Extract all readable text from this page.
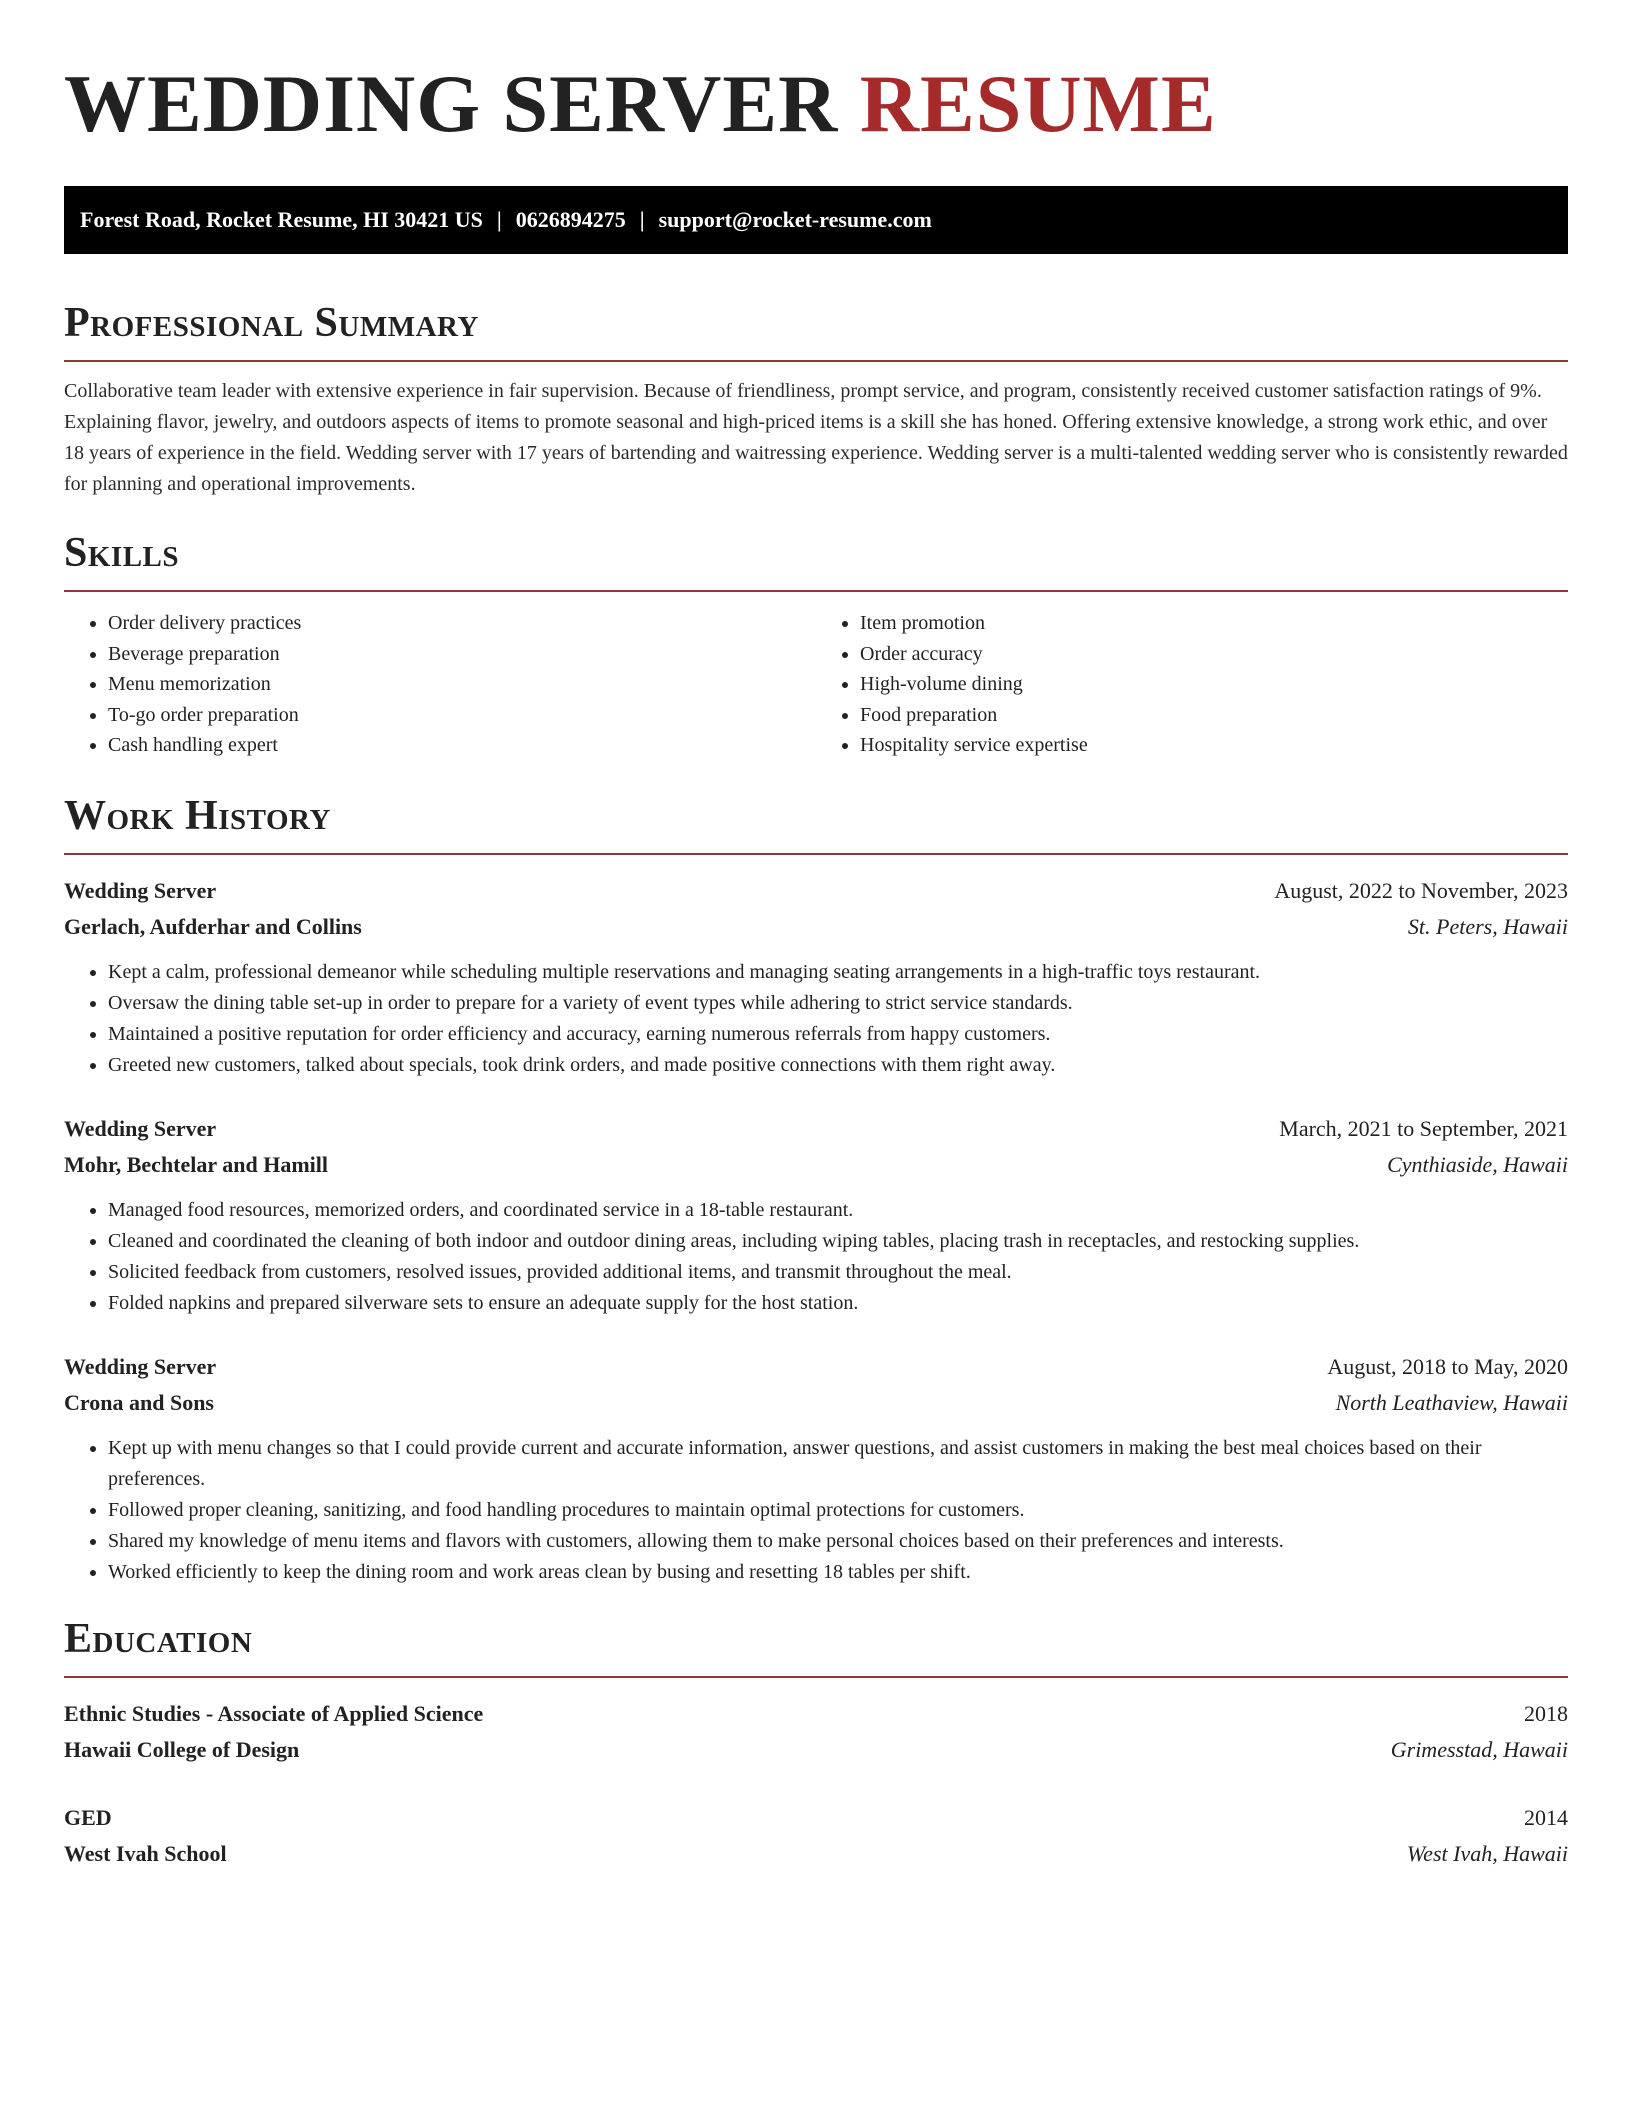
WEDDING SERVER RESUME
Forest Road, Rocket Resume, HI 30421 US | 0626894275 | support@rocket-resume.com
Professional Summary

Collaborative team leader with extensive experience in fair supervision. Because of friendliness, prompt service, and program, consistently received customer satisfaction ratings of 9%. Explaining flavor, jewelry, and outdoors aspects of items to promote seasonal and high-priced items is a skill she has honed. Offering extensive knowledge, a strong work ethic, and over 18 years of experience in the field. Wedding server with 17 years of bartending and waitressing experience. Wedding server is a multi-talented wedding server who is consistently rewarded for planning and operational improvements.

Skills
• Order delivery practices
• Beverage preparation
• Menu memorization
• To-go order preparation
• Cash handling expert
• Item promotion
• Order accuracy
• High-volume dining
• Food preparation
• Hospitality service expertise
Work History
Wedding Server	August, 2022 to November, 2023
Gerlach, Aufderhar and Collins	St. Peters, Hawaii
• Kept a calm, professional demeanor while scheduling multiple reservations and managing seating arrangements in a high-traffic toys restaurant.
• Oversaw the dining table set-up in order to prepare for a variety of event types while adhering to strict service standards.
• Maintained a positive reputation for order efficiency and accuracy, earning numerous referrals from happy customers.
• Greeted new customers, talked about specials, took drink orders, and made positive connections with them right away.
Wedding Server	March, 2021 to September, 2021
Mohr, Bechtelar and Hamill	Cynthiaside, Hawaii
• Managed food resources, memorized orders, and coordinated service in a 18-table restaurant.
• Cleaned and coordinated the cleaning of both indoor and outdoor dining areas, including wiping tables, placing trash in receptacles, and restocking supplies.
• Solicited feedback from customers, resolved issues, provided additional items, and transmit throughout the meal.
• Folded napkins and prepared silverware sets to ensure an adequate supply for the host station.
Wedding Server	August, 2018 to May, 2020
Crona and Sons	North Leathaview, Hawaii
• Kept up with menu changes so that I could provide current and accurate information, answer questions, and assist customers in making the best meal choices based on their preferences.
• Followed proper cleaning, sanitizing, and food handling procedures to maintain optimal protections for customers.
• Shared my knowledge of menu items and flavors with customers, allowing them to make personal choices based on their preferences and interests.
• Worked efficiently to keep the dining room and work areas clean by busing and resetting 18 tables per shift.
Education
Ethnic Studies - Associate of Applied Science	2018
Hawaii College of Design	Grimesstad, Hawaii
GED	2014
West Ivah School	West Ivah, Hawaii
